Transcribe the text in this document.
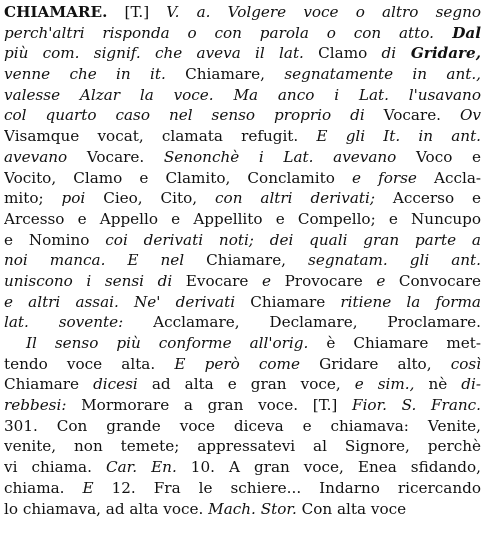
CHIAMARE. [T.] V. a. Volgere voce o altro segno
perch'altri risponda o con parola o con atto. Dal
più com. signif. che aveva il lat. Clamo di Gridare,
venne che in it. Chiamare, segnatamente in ant.,
valesse Alzar la voce. Ma anco i Lat. l'usavano
col quarto caso nel senso proprio di Vocare. Ov
Visamque vocat, clamata refugit. E gli It. in ant.
avevano Vocare. Senonchè i Lat. avevano Voco e
Vocito, Clamo e Clamito, Conclamito e forse Accla-
mito; poi Cieo, Cito, con altri derivati; Accerso e
Arcesso e Appello e Appellito e Compello; e Nuncupo
e Nomino coi derivati noti; dei quali gran parte a
noi manca. E nel Chiamare, segnatam. gli ant.
uniscono i sensi di Evocare e Provocare e Convocare
e altri assai. Ne' derivati Chiamare ritiene la forma
lat. sovente: Acclamare, Declamare, Proclamare.
Il senso più conforme all'orig. è Chiamare met-
tendo voce alta. E però come Gridare alto, così
Chiamare dicesi ad alta e gran voce, e sim., nè di-
rebbesi: Mormorare a gran voce. [T.] Fior. S. Franc.
301. Con grande voce diceva e chiamava: Venite,
venite, non temete; appressatevi al Signore, perchè
vi chiama. Car. En. 10. A gran voce, Enea sfidando,
chiama. E 12. Fra le schiere... Indarno ricercando
lo chiamava, ad alta voce. Mach. Stor. Con alta voce
